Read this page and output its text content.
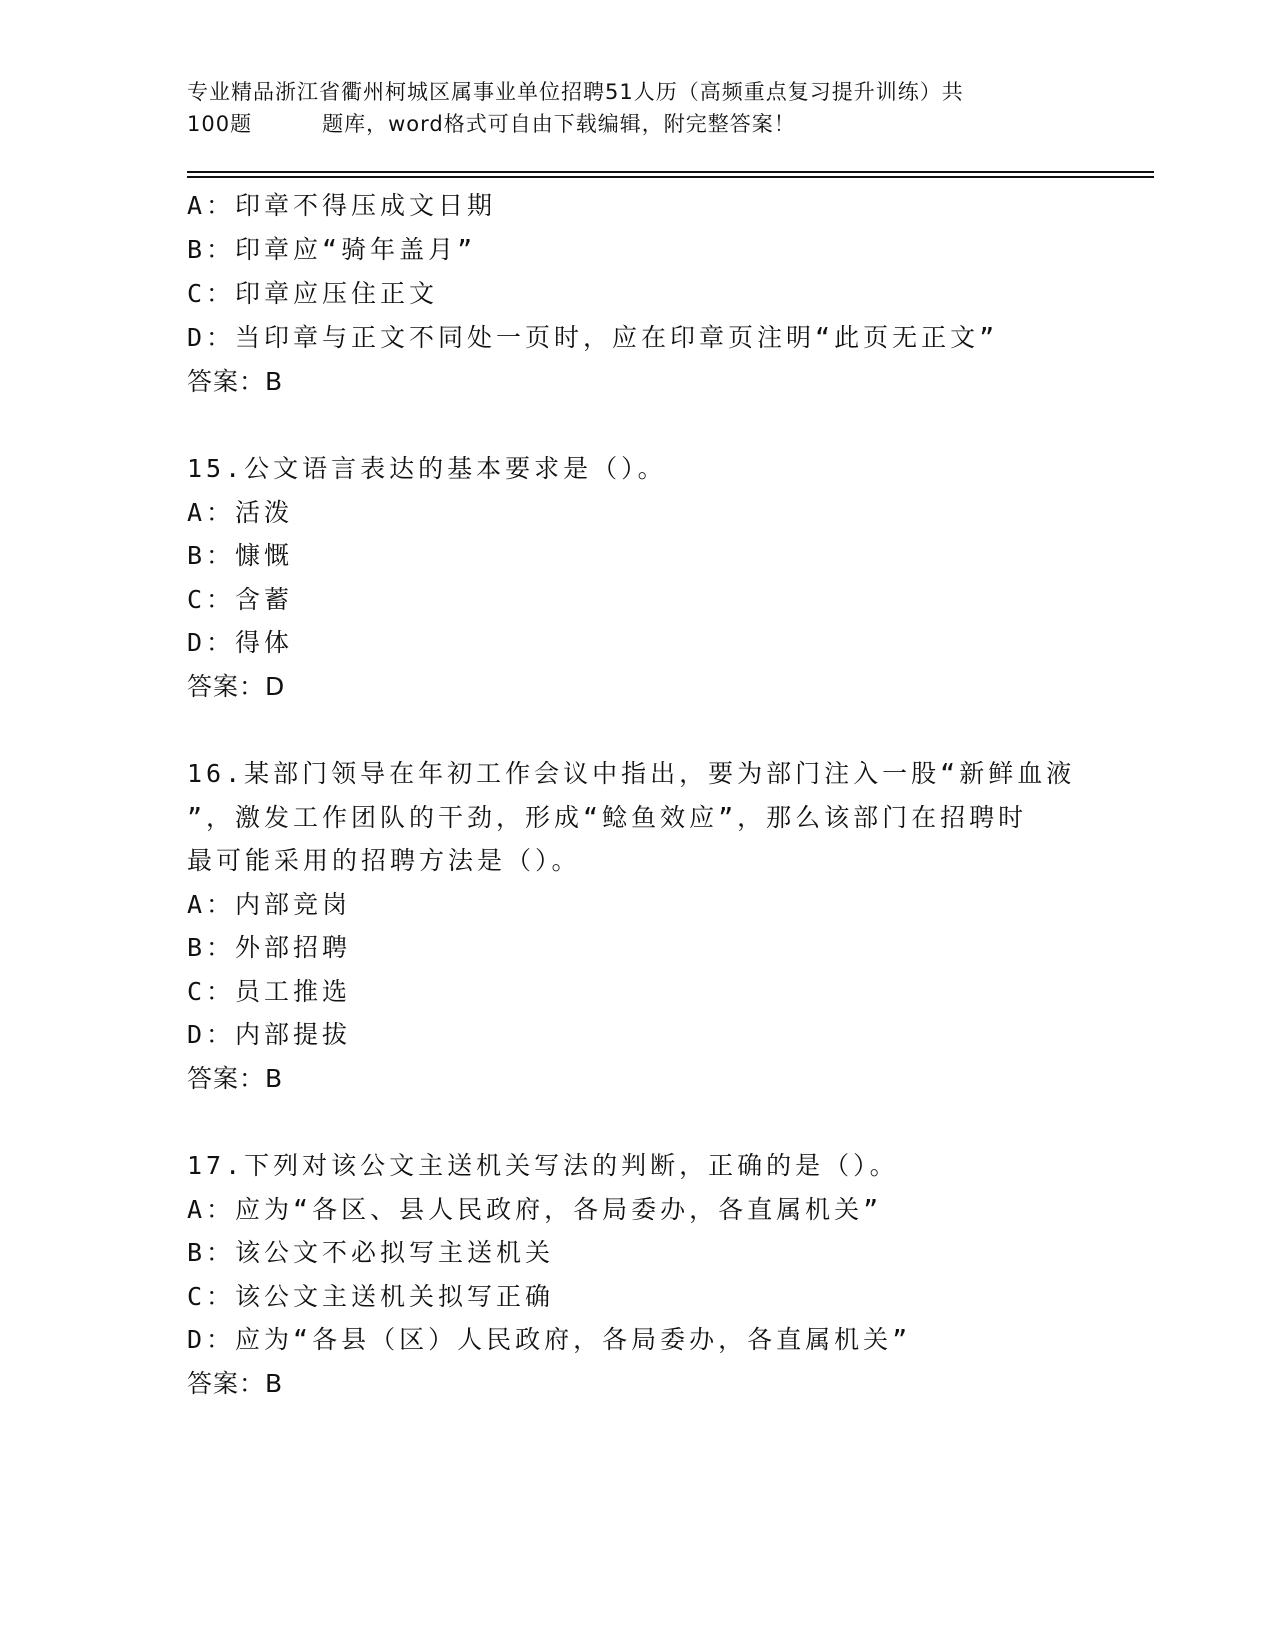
专业精品浙江省衢州柯城区属事业单位招聘51人历（高频重点复习提升训练）共
100题	题库，word格式可自由下载编辑，附完整答案！
A：印章不得压成文日期
B：印章应“骑年盖月”
C：印章应压住正文
D：当印章与正文不同处一页时，应在印章页注明“此页无正文”
答案：B
15.公文语言表达的基本要求是（）。
A：活泼
B：慷慨
C：含蓄
D：得体
答案：D
16.某部门领导在年初工作会议中指出，要为部门注入一股“新鲜血液
”，激发工作团队的干劲，形成“鲶鱼效应”，那么该部门在招聘时
最可能采用的招聘方法是（）。
A：内部竞岗
B：外部招聘
C：员工推选
D：内部提拔
答案：B
17.下列对该公文主送机关写法的判断，正确的是（）。
A：应为“各区、县人民政府，各局委办，各直属机关”
B：该公文不必拟写主送机关
C：该公文主送机关拟写正确
D：应为“各县（区）人民政府，各局委办，各直属机关”
答案：B
